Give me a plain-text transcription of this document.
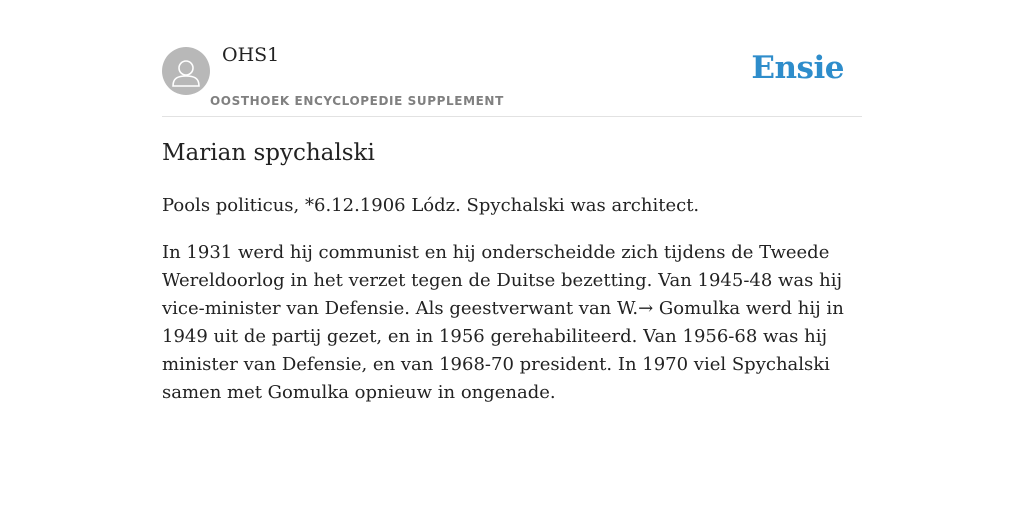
OHS1
OOSTHOEK ENCYCLOPEDIE SUPPLEMENT
Ensie
Marian spychalski

Pools politicus, *6.12.1906 Lódz. Spychalski was architect.

In 1931 werd hij communist en hij onderscheidde zich tijdens de Tweede Wereldoorlog in het verzet tegen de Duitse bezetting. Van 1945-48 was hij vice-minister van Defensie. Als geestverwant van W.→ Gomulka werd hij in 1949 uit de partij gezet, en in 1956 gerehabiliteerd. Van 1956-68 was hij minister van Defensie, en van 1968-70 president. In 1970 viel Spychalski samen met Gomulka opnieuw in ongenade.
